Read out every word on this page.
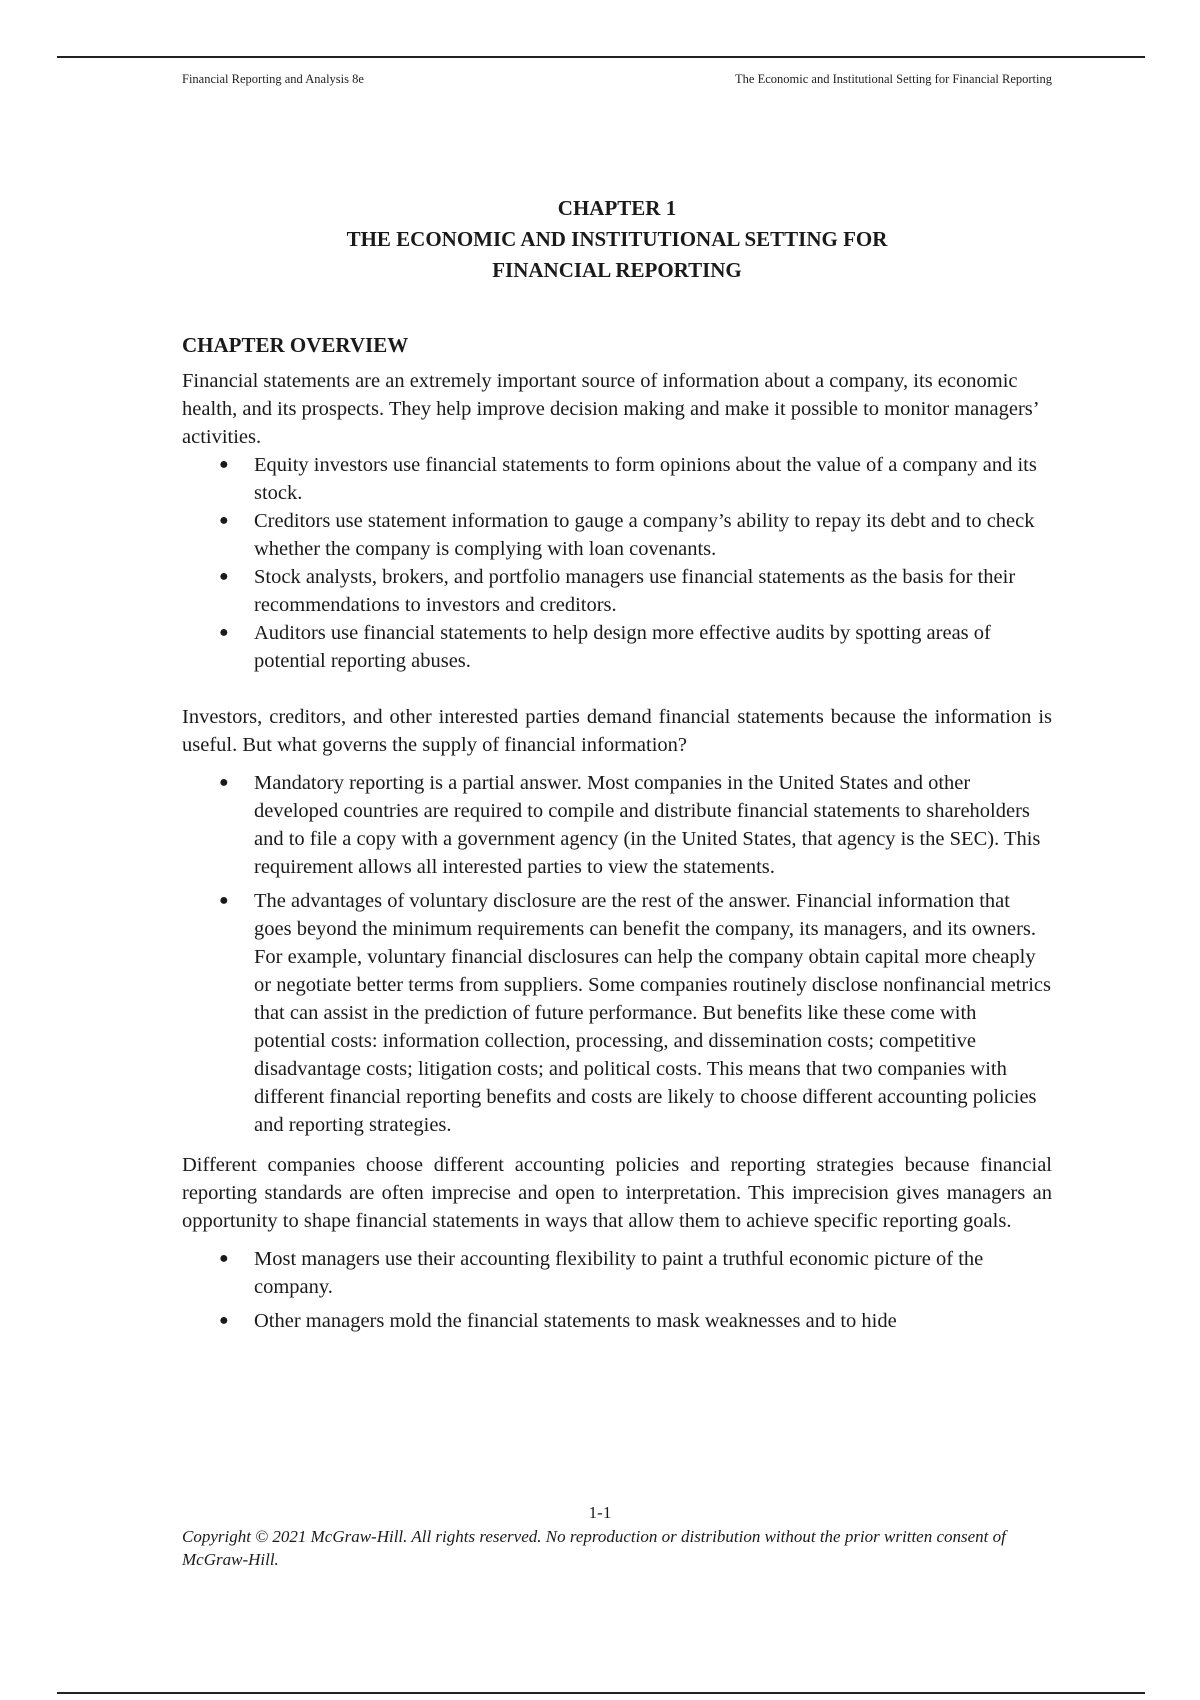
Financial Reporting and Analysis 8e	The Economic and Institutional Setting for Financial Reporting
CHAPTER 1
THE ECONOMIC AND INSTITUTIONAL SETTING FOR
FINANCIAL REPORTING
CHAPTER OVERVIEW

Financial statements are an extremely important source of information about a company, its economic health, and its prospects. They help improve decision making and make it possible to monitor managers’ activities.

● Equity investors use financial statements to form opinions about the value of a company and its stock.
● Creditors use statement information to gauge a company’s ability to repay its debt and to check whether the company is complying with loan covenants.
● Stock analysts, brokers, and portfolio managers use financial statements as the basis for their recommendations to investors and creditors.
● Auditors use financial statements to help design more effective audits by spotting areas of potential reporting abuses.

Investors, creditors, and other interested parties demand financial statements because the information is useful. But what governs the supply of financial information?

● Mandatory reporting is a partial answer. Most companies in the United States and other developed countries are required to compile and distribute financial statements to shareholders and to file a copy with a government agency (in the United States, that agency is the SEC). This requirement allows all interested parties to view the statements.
● The advantages of voluntary disclosure are the rest of the answer. Financial information that goes beyond the minimum requirements can benefit the company, its managers, and its owners. For example, voluntary financial disclosures can help the company obtain capital more cheaply or negotiate better terms from suppliers. Some companies routinely disclose nonfinancial metrics that can assist in the prediction of future performance. But benefits like these come with potential costs: information collection, processing, and dissemination costs; competitive disadvantage costs; litigation costs; and political costs. This means that two companies with different financial reporting benefits and costs are likely to choose different accounting policies and reporting strategies.

Different companies choose different accounting policies and reporting strategies because financial reporting standards are often imprecise and open to interpretation. This imprecision gives managers an opportunity to shape financial statements in ways that allow them to achieve specific reporting goals.

● Most managers use their accounting flexibility to paint a truthful economic picture of the company.
● Other managers mold the financial statements to mask weaknesses and to hide
1-1
Copyright © 2021 McGraw-Hill. All rights reserved. No reproduction or distribution without the prior written consent of McGraw-Hill.
